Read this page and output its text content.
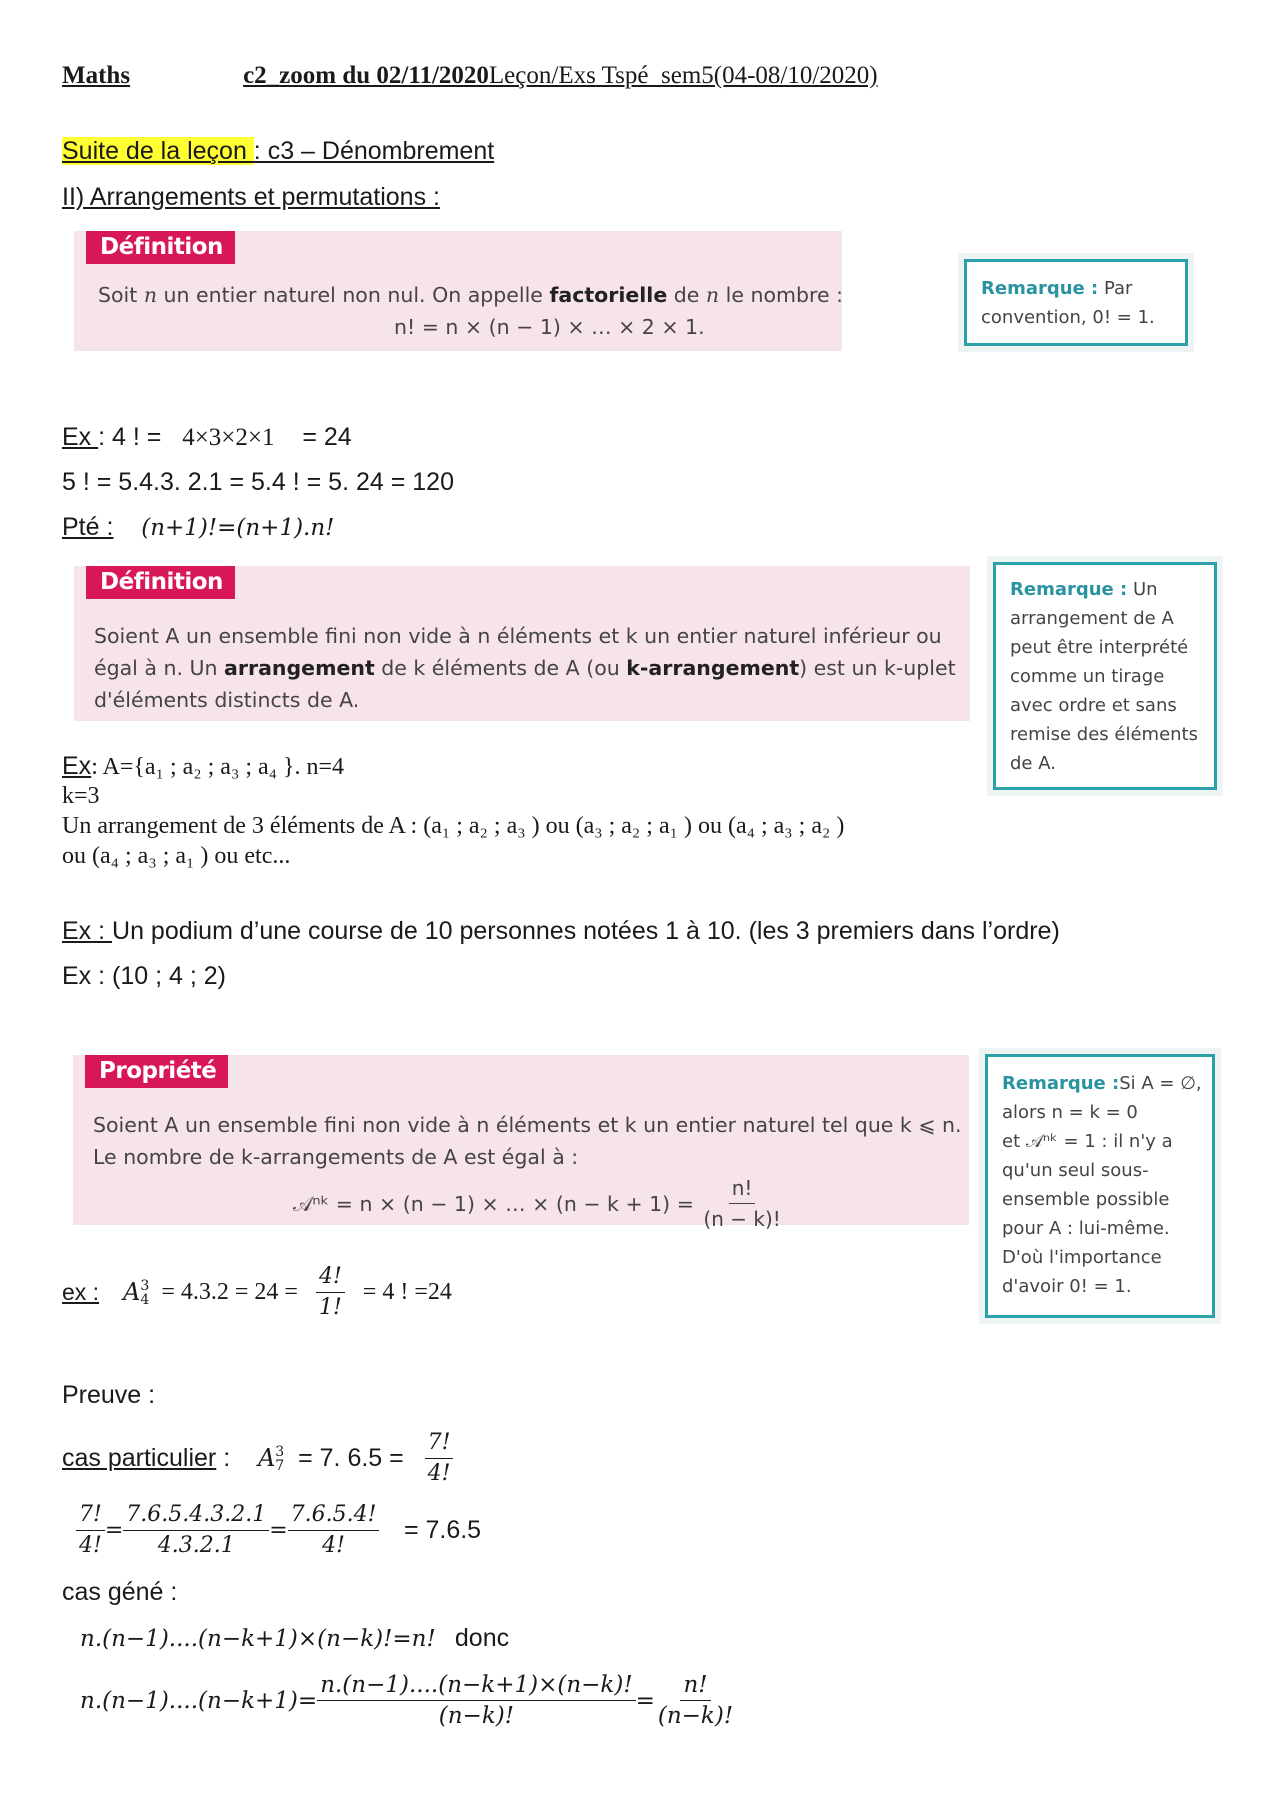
Maths	c2_zoom du 02/11/2020Leçon/Exs Tspé_sem5(04-08/10/2020)
Suite de la leçon : c3 – Dénombrement
II) Arrangements et permutations :
Définition
Soit n un entier naturel non nul. On appelle factorielle de n le nombre :
n! = n × (n − 1) × … × 2 × 1.
Remarque : Par
convention, 0! = 1.
Ex : 4 ! = 4×3×2×1 = 24
5 ! = 5.4.3. 2.1 = 5.4 ! = 5. 24 = 120
Pté : (n+1)!=(n+1).n!
Définition
Soient A un ensemble fini non vide à n éléments et k un entier naturel inférieur ou
égal à n. Un arrangement de k éléments de A (ou k-arrangement) est un k-uplet
d'éléments distincts de A.
Remarque : Un
arrangement de A
peut être interprété
comme un tirage
avec ordre et sans
remise des éléments
de A.
Ex: A={a₁ ; a₂ ; a₃ ; a₄ }. n=4
k=3
Un arrangement de 3 éléments de A : (a₁ ; a₂ ; a₃ ) ou (a₃ ; a₂ ; a₁ ) ou (a₄ ; a₃ ; a₂ )
ou (a₄ ; a₃ ; a₁ ) ou etc...
Ex : Un podium d’une course de 10 personnes notées 1 à 10. (les 3 premiers dans l’ordre)
Ex : (10 ; 4 ; 2)
Propriété
Soient A un ensemble fini non vide à n éléments et k un entier naturel tel que k ⩽ n.
Le nombre de k-arrangements de A est égal à :
𝒜ⁿᵏ = n × (n − 1) × … × (n − k + 1) =
$\frac{n!}{(n - k)!}$
Remarque :Si A = ∅,
alors n = k = 0
et 𝒜ⁿᵏ = 1 : il n'y a
qu'un seul sous-
ensemble possible
pour A : lui-même.
D'où l'importance
d'avoir 0! = 1.
ex :
A 3
4
= 4.3.2 = 24 =
$\frac{4!}{1!}$
= 4 ! =24
Preuve :
cas particulier
:
A 3
7
= 7. 6.5 =
$\frac{7!}{4!}$
$\frac{7!}{4!} = \frac{7.6.5.4.3.2.1}{4.3.2.1} = \frac{7.6.5.4!}{4!}$
= 7.6.5
cas géné :
n.(n−1)....(n−k+1)×(n−k)!=n! donc
$n.(n-1)....(n-k+1)= \frac{n.(n-1)....(n-k+1)\times(n-k)!}{(n-k)!} = \frac{n!}{(n-k)!}$
